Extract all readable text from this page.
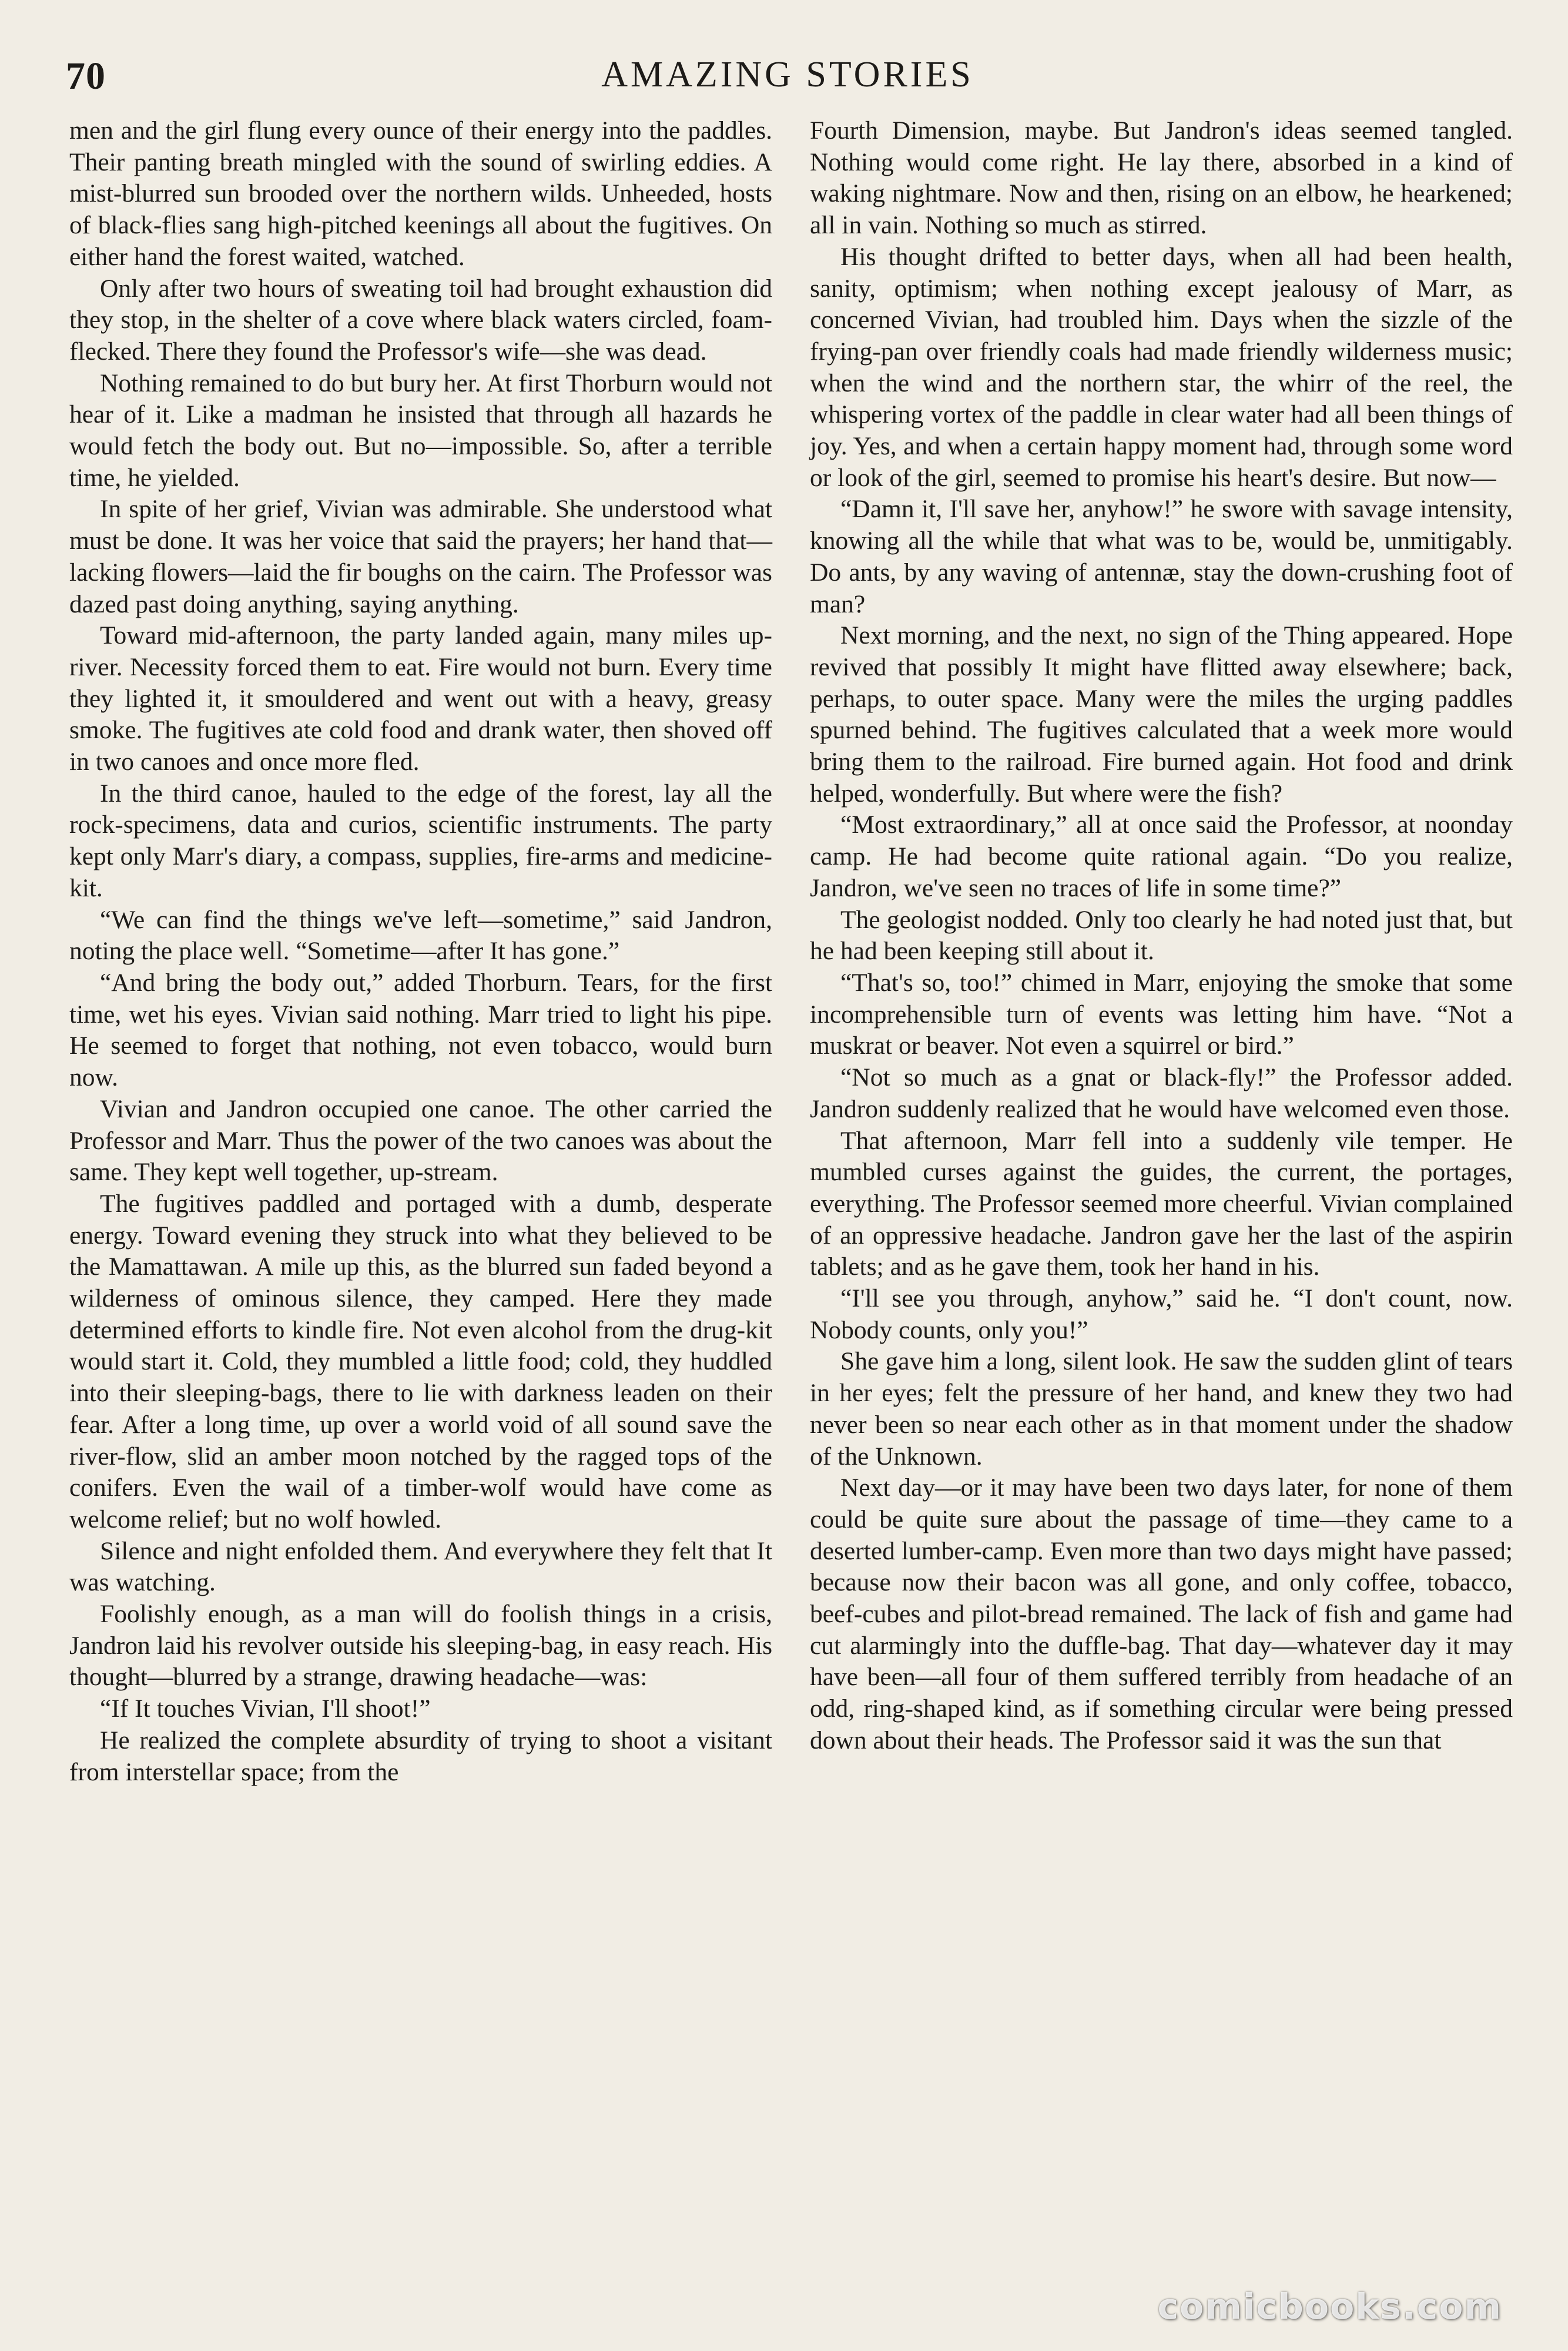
70	AMAZING STORIES

men and the girl flung every ounce of their energy into the paddles. Their panting breath mingled with the sound of swirling eddies. A mist-blurred sun brooded over the northern wilds. Unheeded, hosts of black-flies sang high-pitched keenings all about the fugitives. On either hand the forest waited, watched.

Only after two hours of sweating toil had brought exhaustion did they stop, in the shelter of a cove where black waters circled, foam-flecked. There they found the Professor's wife—she was dead.

Nothing remained to do but bury her. At first Thorburn would not hear of it. Like a madman he insisted that through all hazards he would fetch the body out. But no—impossible. So, after a terrible time, he yielded.

In spite of her grief, Vivian was admirable. She understood what must be done. It was her voice that said the prayers; her hand that—lacking flowers—laid the fir boughs on the cairn. The Professor was dazed past doing anything, saying anything.

Toward mid-afternoon, the party landed again, many miles up-river. Necessity forced them to eat. Fire would not burn. Every time they lighted it, it smouldered and went out with a heavy, greasy smoke. The fugitives ate cold food and drank water, then shoved off in two canoes and once more fled.

In the third canoe, hauled to the edge of the forest, lay all the rock-specimens, data and curios, scientific instruments. The party kept only Marr's diary, a compass, supplies, fire-arms and medicine-kit.

“We can find the things we've left—sometime,” said Jandron, noting the place well. “Sometime—after It has gone.”

“And bring the body out,” added Thorburn. Tears, for the first time, wet his eyes. Vivian said nothing. Marr tried to light his pipe. He seemed to forget that nothing, not even tobacco, would burn now.

Vivian and Jandron occupied one canoe. The other carried the Professor and Marr. Thus the power of the two canoes was about the same. They kept well together, up-stream.

The fugitives paddled and portaged with a dumb, desperate energy. Toward evening they struck into what they believed to be the Mamattawan. A mile up this, as the blurred sun faded beyond a wilderness of ominous silence, they camped. Here they made determined efforts to kindle fire. Not even alcohol from the drug-kit would start it. Cold, they mumbled a little food; cold, they huddled into their sleeping-bags, there to lie with darkness leaden on their fear. After a long time, up over a world void of all sound save the river-flow, slid an amber moon notched by the ragged tops of the conifers. Even the wail of a timber-wolf would have come as welcome relief; but no wolf howled.

Silence and night enfolded them. And everywhere they felt that It was watching.

Foolishly enough, as a man will do foolish things in a crisis, Jandron laid his revolver outside his sleeping-bag, in easy reach. His thought—blurred by a strange, drawing headache—was:

“If It touches Vivian, I'll shoot!”

He realized the complete absurdity of trying to shoot a visitant from interstellar space; from the

Fourth Dimension, maybe. But Jandron's ideas seemed tangled. Nothing would come right. He lay there, absorbed in a kind of waking nightmare. Now and then, rising on an elbow, he hearkened; all in vain. Nothing so much as stirred.

His thought drifted to better days, when all had been health, sanity, optimism; when nothing except jealousy of Marr, as concerned Vivian, had troubled him. Days when the sizzle of the frying-pan over friendly coals had made friendly wilderness music; when the wind and the northern star, the whirr of the reel, the whispering vortex of the paddle in clear water had all been things of joy. Yes, and when a certain happy moment had, through some word or look of the girl, seemed to promise his heart's desire. But now—

“Damn it, I'll save her, anyhow!” he swore with savage intensity, knowing all the while that what was to be, would be, unmitigably. Do ants, by any waving of antennæ, stay the down-crushing foot of man?

Next morning, and the next, no sign of the Thing appeared. Hope revived that possibly It might have flitted away elsewhere; back, perhaps, to outer space. Many were the miles the urging paddles spurned behind. The fugitives calculated that a week more would bring them to the railroad. Fire burned again. Hot food and drink helped, wonderfully. But where were the fish?

“Most extraordinary,” all at once said the Professor, at noonday camp. He had become quite rational again. “Do you realize, Jandron, we've seen no traces of life in some time?”

The geologist nodded. Only too clearly he had noted just that, but he had been keeping still about it.

“That's so, too!” chimed in Marr, enjoying the smoke that some incomprehensible turn of events was letting him have. “Not a muskrat or beaver. Not even a squirrel or bird.”

“Not so much as a gnat or black-fly!” the Professor added. Jandron suddenly realized that he would have welcomed even those.

That afternoon, Marr fell into a suddenly vile temper. He mumbled curses against the guides, the current, the portages, everything. The Professor seemed more cheerful. Vivian complained of an oppressive headache. Jandron gave her the last of the aspirin tablets; and as he gave them, took her hand in his.

“I'll see you through, anyhow,” said he. “I don't count, now. Nobody counts, only you!”

She gave him a long, silent look. He saw the sudden glint of tears in her eyes; felt the pressure of her hand, and knew they two had never been so near each other as in that moment under the shadow of the Unknown.

Next day—or it may have been two days later, for none of them could be quite sure about the passage of time—they came to a deserted lumber-camp. Even more than two days might have passed; because now their bacon was all gone, and only coffee, tobacco, beef-cubes and pilot-bread remained. The lack of fish and game had cut alarmingly into the duffle-bag. That day—whatever day it may have been—all four of them suffered terribly from headache of an odd, ring-shaped kind, as if something circular were being pressed down about their heads. The Professor said it was the sun that

comicbooks.com
